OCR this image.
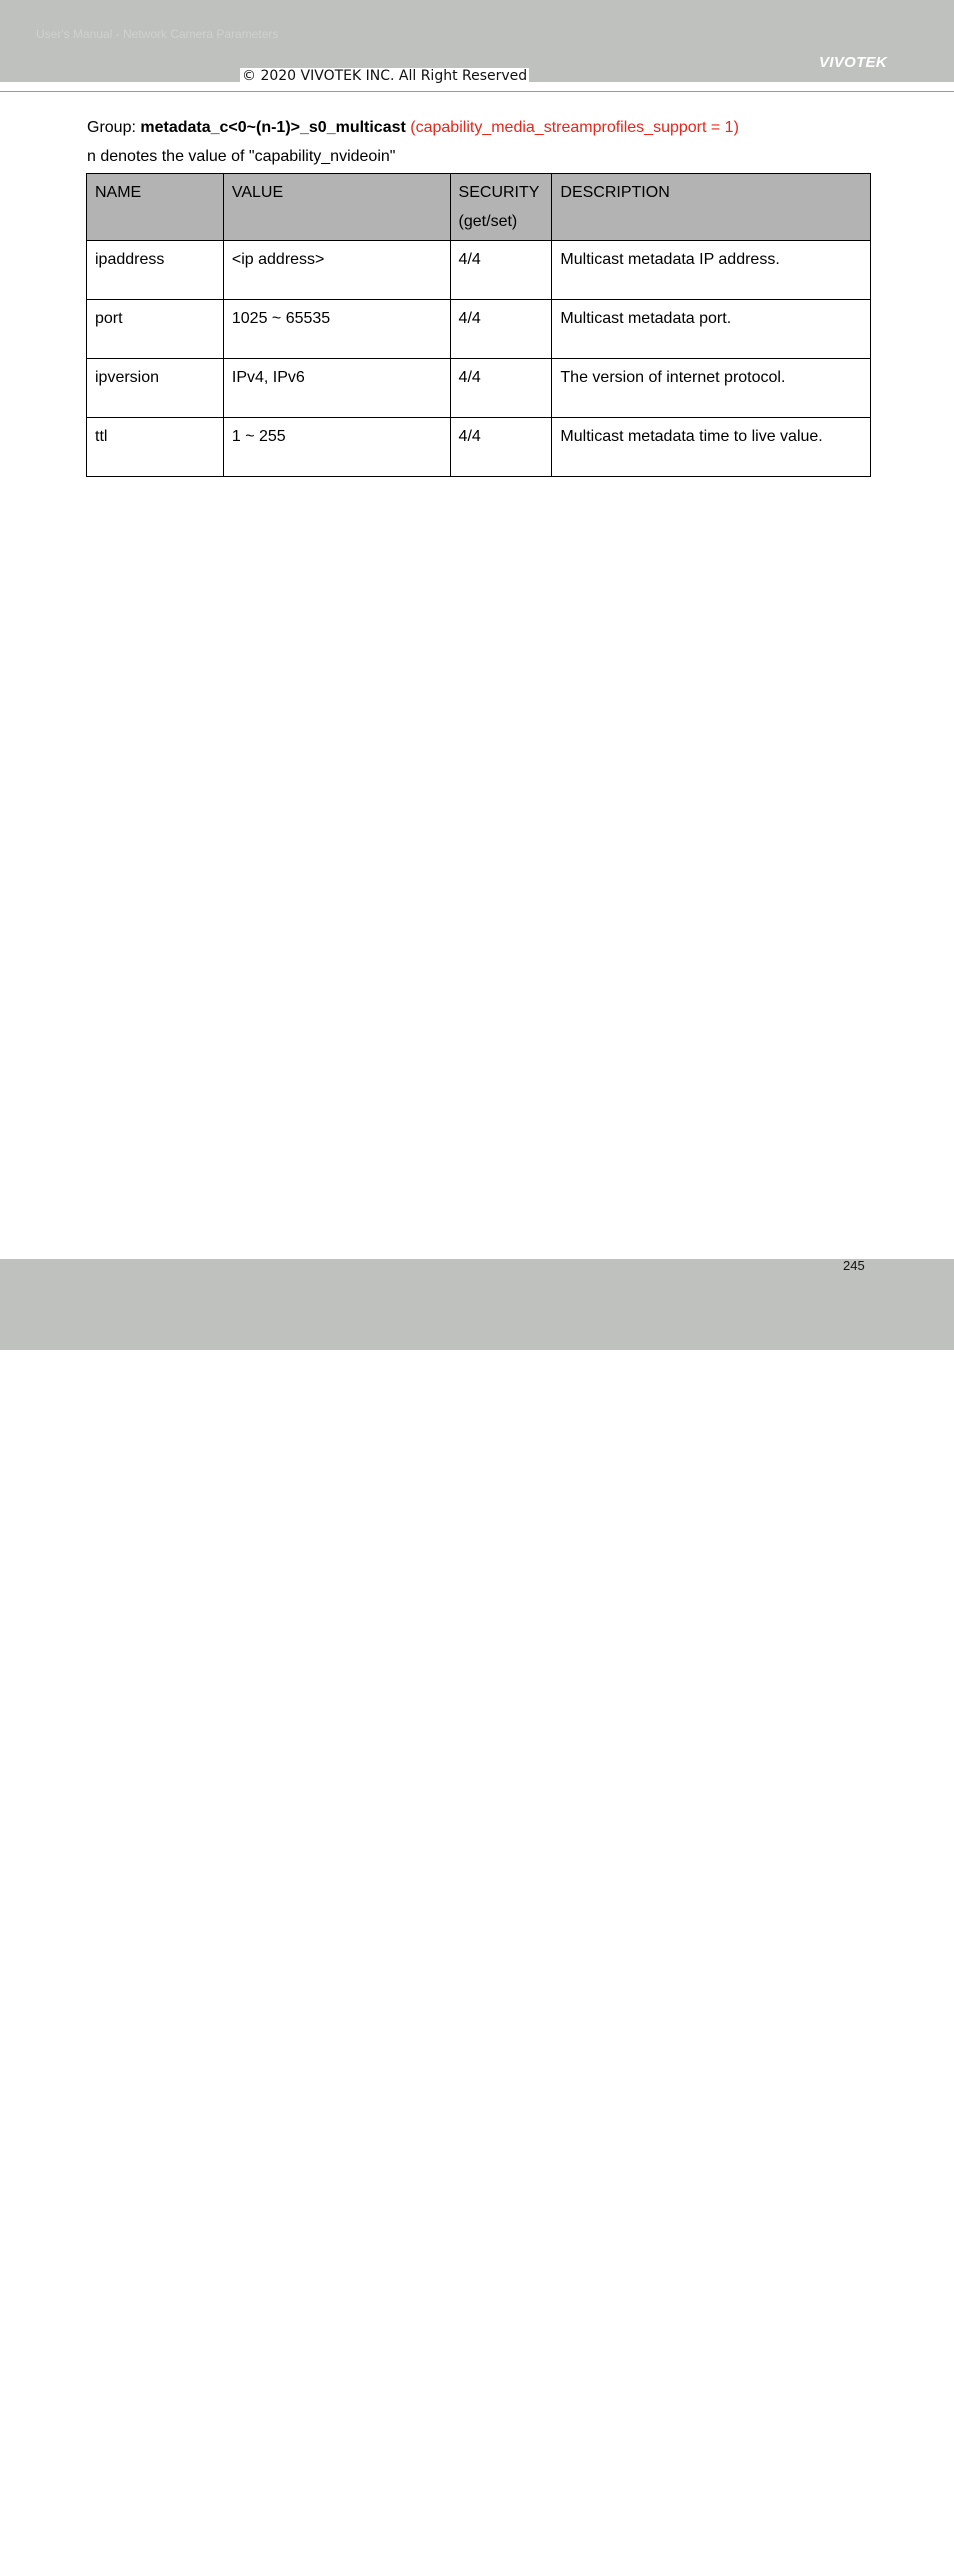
User's Manual - Network Camera Parameters
VIVOTEK
© 2020 VIVOTEK INC. All Right Reserved
Group: metadata_c<0~(n-1)>_s0_multicast (capability_media_streamprofiles_support = 1)
n denotes the value of "capability_nvideoin"
NAME	VALUE	SECURITY(get/set)	DESCRIPTION
ipaddress	<ip address>	4/4	Multicast metadata IP address.
port	1025 ~ 65535	4/4	Multicast metadata port.
ipversion	IPv4, IPv6	4/4	The version of internet protocol.
ttl	1 ~ 255	4/4	Multicast metadata time to live value.
User's Manual - 399
245
